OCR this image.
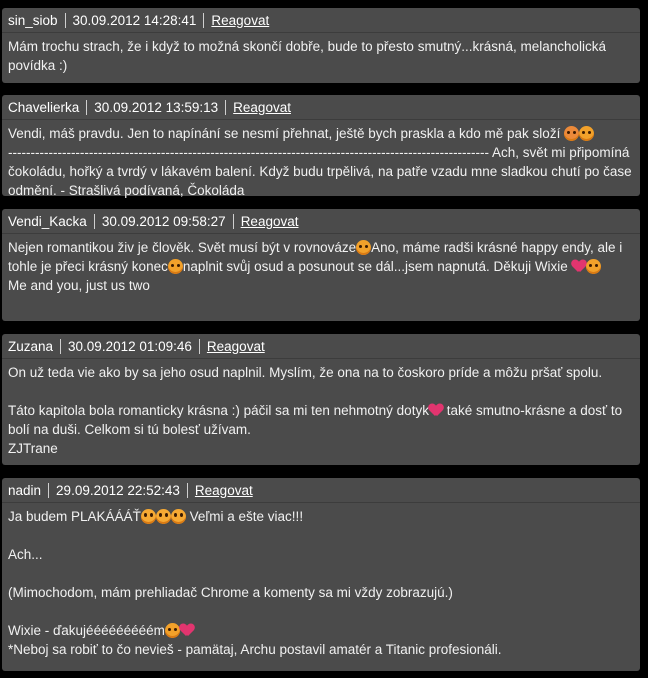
sin_siob 30.09.2012 14:28:41 Reagovat

Mám trochu strach, že i když to možná skončí dobře, bude to přesto smutný...krásná, melancholická povídka :)

Chavelierka 30.09.2012 13:59:13 Reagovat

Vendi, máš pravdu. Jen to napínání se nesmí přehnat, ještě bych praskla a kdo mě pak složí

----------------------------------------------------------------------------------------------------------- Ach, svět mi připomíná čokoládu, hořký a tvrdý v lákavém balení. Když budu trpělivá, na patře vzadu mne sladkou chutí po čase odmění. - Strašlivá podívaná, Čokoláda

Vendi_Kacka 30.09.2012 09:58:27 Reagovat

Nejen romantikou živ je člověk. Svět musí být v rovnováze Ano, máme radši krásné happy endy, ale i tohle je přeci krásný konec naplnit svůj osud a posunout se dál...jsem napnutá. Děkuji Wixie

Me and you, just us two

Zuzana 30.09.2012 01:09:46 Reagovat

On už teda vie ako by sa jeho osud naplnil. Myslím, že ona na to čoskoro príde a môžu pršať spolu.

Táto kapitola bola romanticky krásna :) páčil sa mi ten nehmotný dotyk také smutno-krásne a dosť to bolí na duši. Celkom si tú bolesť užívam.

ZJTrane

nadin 29.09.2012 22:52:43 Reagovat

Ja budem PLAKÁÁÁŤ	Veľmi a ešte viac!!!

Ach...

(Mimochodom, mám prehliadač Chrome a komenty sa mi vždy zobrazujú.)

Wixie - ďakujééééééééém

*Neboj sa robiť to čo nevieš - pamätaj, Archu postavil amatér a Titanic profesionáli.
